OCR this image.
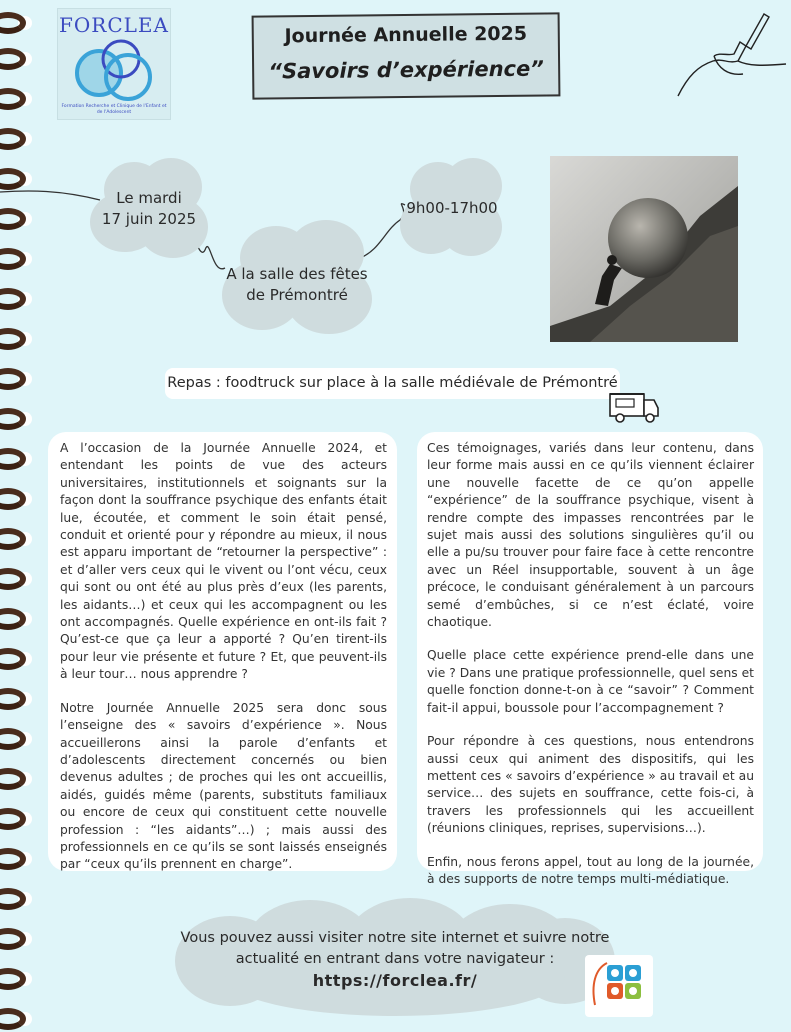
FORCLEA
Formation Recherche et Clinique de l'Enfant et de l'Adolescent
Journée Annuelle 2025
“Savoirs d’expérience”
Le mardi
17 juin 2025
9h00-17h00
A la salle des fêtes
de Prémontré
Repas : foodtruck sur place à la salle médiévale de Prémontré

A l’occasion de la Journée Annuelle 2024, et entendant les points de vue des acteurs universitaires, institutionnels et soignants sur la façon dont la souffrance psychique des enfants était lue, écoutée, et comment le soin était pensé, conduit et orienté pour y répondre au mieux, il nous est apparu important de “retourner la perspective” : et d’aller vers ceux qui le vivent ou l’ont vécu, ceux qui sont ou ont été au plus près d’eux (les parents, les aidants…) et ceux qui les accompagnent ou les ont accompagnés. Quelle expérience en ont-ils fait ? Qu’est-ce que ça leur a apporté ? Qu’en tirent-ils pour leur vie présente et future ? Et, que peuvent-ils à leur tour… nous apprendre ?

Notre Journée Annuelle 2025 sera donc sous l’enseigne des « savoirs d’expérience ». Nous accueillerons ainsi la parole d’enfants et d’adolescents directement concernés ou bien devenus adultes ; de proches qui les ont accueillis, aidés, guidés même (parents, substituts familiaux ou encore de ceux qui constituent cette nouvelle profession : “les aidants”…) ; mais aussi des professionnels en ce qu’ils se sont laissés enseignés par “ceux qu’ils prennent en charge”.

Ces témoignages, variés dans leur contenu, dans leur forme mais aussi en ce qu’ils viennent éclairer une nouvelle facette de ce qu’on appelle “expérience” de la souffrance psychique, visent à rendre compte des impasses rencontrées par le sujet mais aussi des solutions singulières qu’il ou elle a pu/su trouver pour faire face à cette rencontre avec un Réel insupportable, souvent à un âge précoce, le conduisant généralement à un parcours semé d’embûches, si ce n’est éclaté, voire chaotique.

Quelle place cette expérience prend-elle dans une vie ? Dans une pratique professionnelle, quel sens et quelle fonction donne-t-on à ce “savoir” ? Comment fait-il appui, boussole pour l’accompagnement ?

Pour répondre à ces questions, nous entendrons aussi ceux qui animent des dispositifs, qui les mettent ces « savoirs d’expérience » au travail et au service… des sujets en souffrance, cette fois-ci, à travers les professionnels qui les accueillent (réunions cliniques, reprises, supervisions…).

Enfin, nous ferons appel, tout au long de la journée, à des supports de notre temps multi-médiatique.

Vous pouvez aussi visiter notre site internet et suivre notre
actualité en entrant dans votre navigateur :
https://forclea.fr/
